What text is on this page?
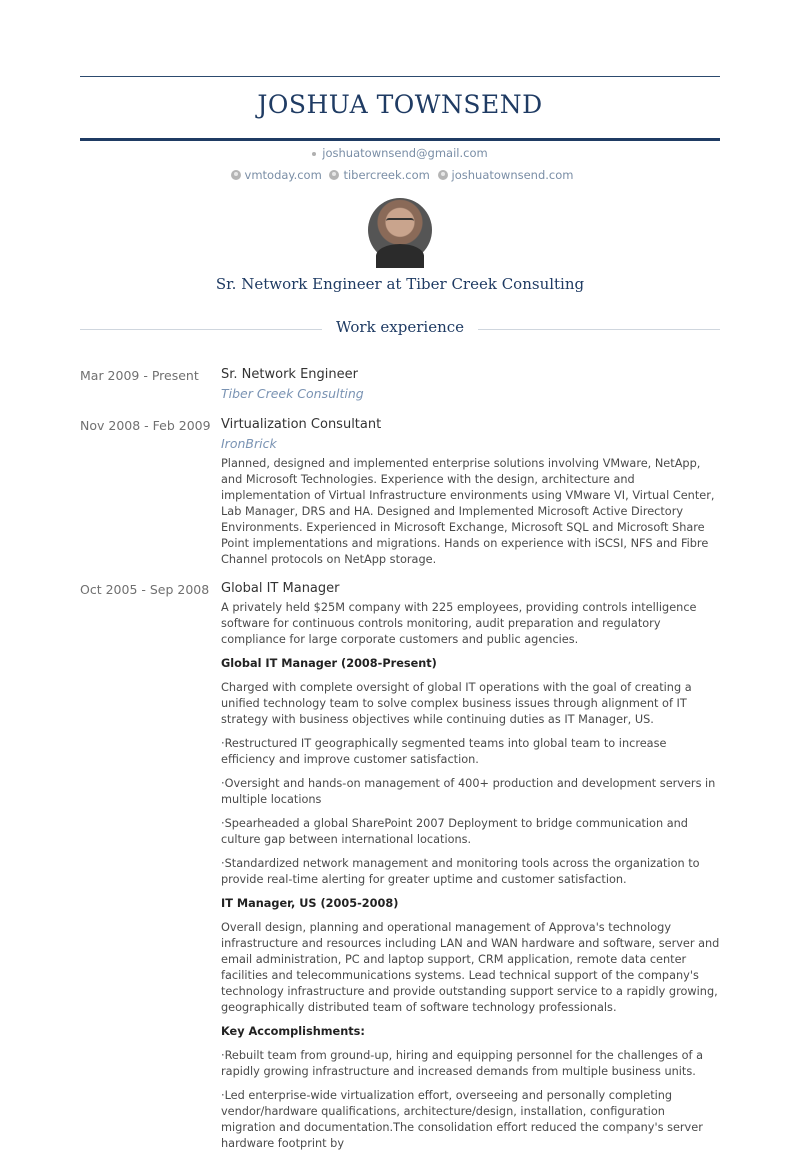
JOSHUA TOWNSEND
joshuatownsend@gmail.com
vmtoday.com tibercreek.com joshuatownsend.com
Sr. Network Engineer at Tiber Creek Consulting
Work experience
Mar 2009 - Present	Sr. Network Engineer
Tiber Creek Consulting
Nov 2008 - Feb 2009 Virtualization Consultant
IronBrick

Planned, designed and implemented enterprise solutions involving VMware, NetApp, and Microsoft Technologies. Experience with the design, architecture and implementation of Virtual Infrastructure environments using VMware VI, Virtual Center, Lab Manager, DRS and HA. Designed and Implemented Microsoft Active Directory Environments. Experienced in Microsoft Exchange, Microsoft SQL and Microsoft Share Point implementations and migrations. Hands on experience with iSCSI, NFS and Fibre Channel protocols on NetApp storage.

Oct 2005 - Sep 2008 Global IT Manager

A privately held $25M company with 225 employees, providing controls intelligence software for continuous controls monitoring, audit preparation and regulatory compliance for large corporate customers and public agencies.

Global IT Manager (2008-Present)

Charged with complete oversight of global IT operations with the goal of creating a unified technology team to solve complex business issues through alignment of IT strategy with business objectives while continuing duties as IT Manager, US.

·Restructured IT geographically segmented teams into global team to increase efficiency and improve customer satisfaction.

·Oversight and hands-on management of 400+ production and development servers in multiple locations

·Spearheaded a global SharePoint 2007 Deployment to bridge communication and culture gap between international locations.

·Standardized network management and monitoring tools across the organization to provide real-time alerting for greater uptime and customer satisfaction.

IT Manager, US (2005-2008)

Overall design, planning and operational management of Approva's technology infrastructure and resources including LAN and WAN hardware and software, server and email administration, PC and laptop support, CRM application, remote data center facilities and telecommunications systems. Lead technical support of the company's technology infrastructure and provide outstanding support service to a rapidly growing, geographically distributed team of software technology professionals.

Key Accomplishments:

·Rebuilt team from ground-up, hiring and equipping personnel for the challenges of a rapidly growing infrastructure and increased demands from multiple business units.

·Led enterprise-wide virtualization effort, overseeing and personally completing vendor/hardware qualifications, architecture/design, installation, configuration migration and documentation.The consolidation effort reduced the company's server hardware footprint by
